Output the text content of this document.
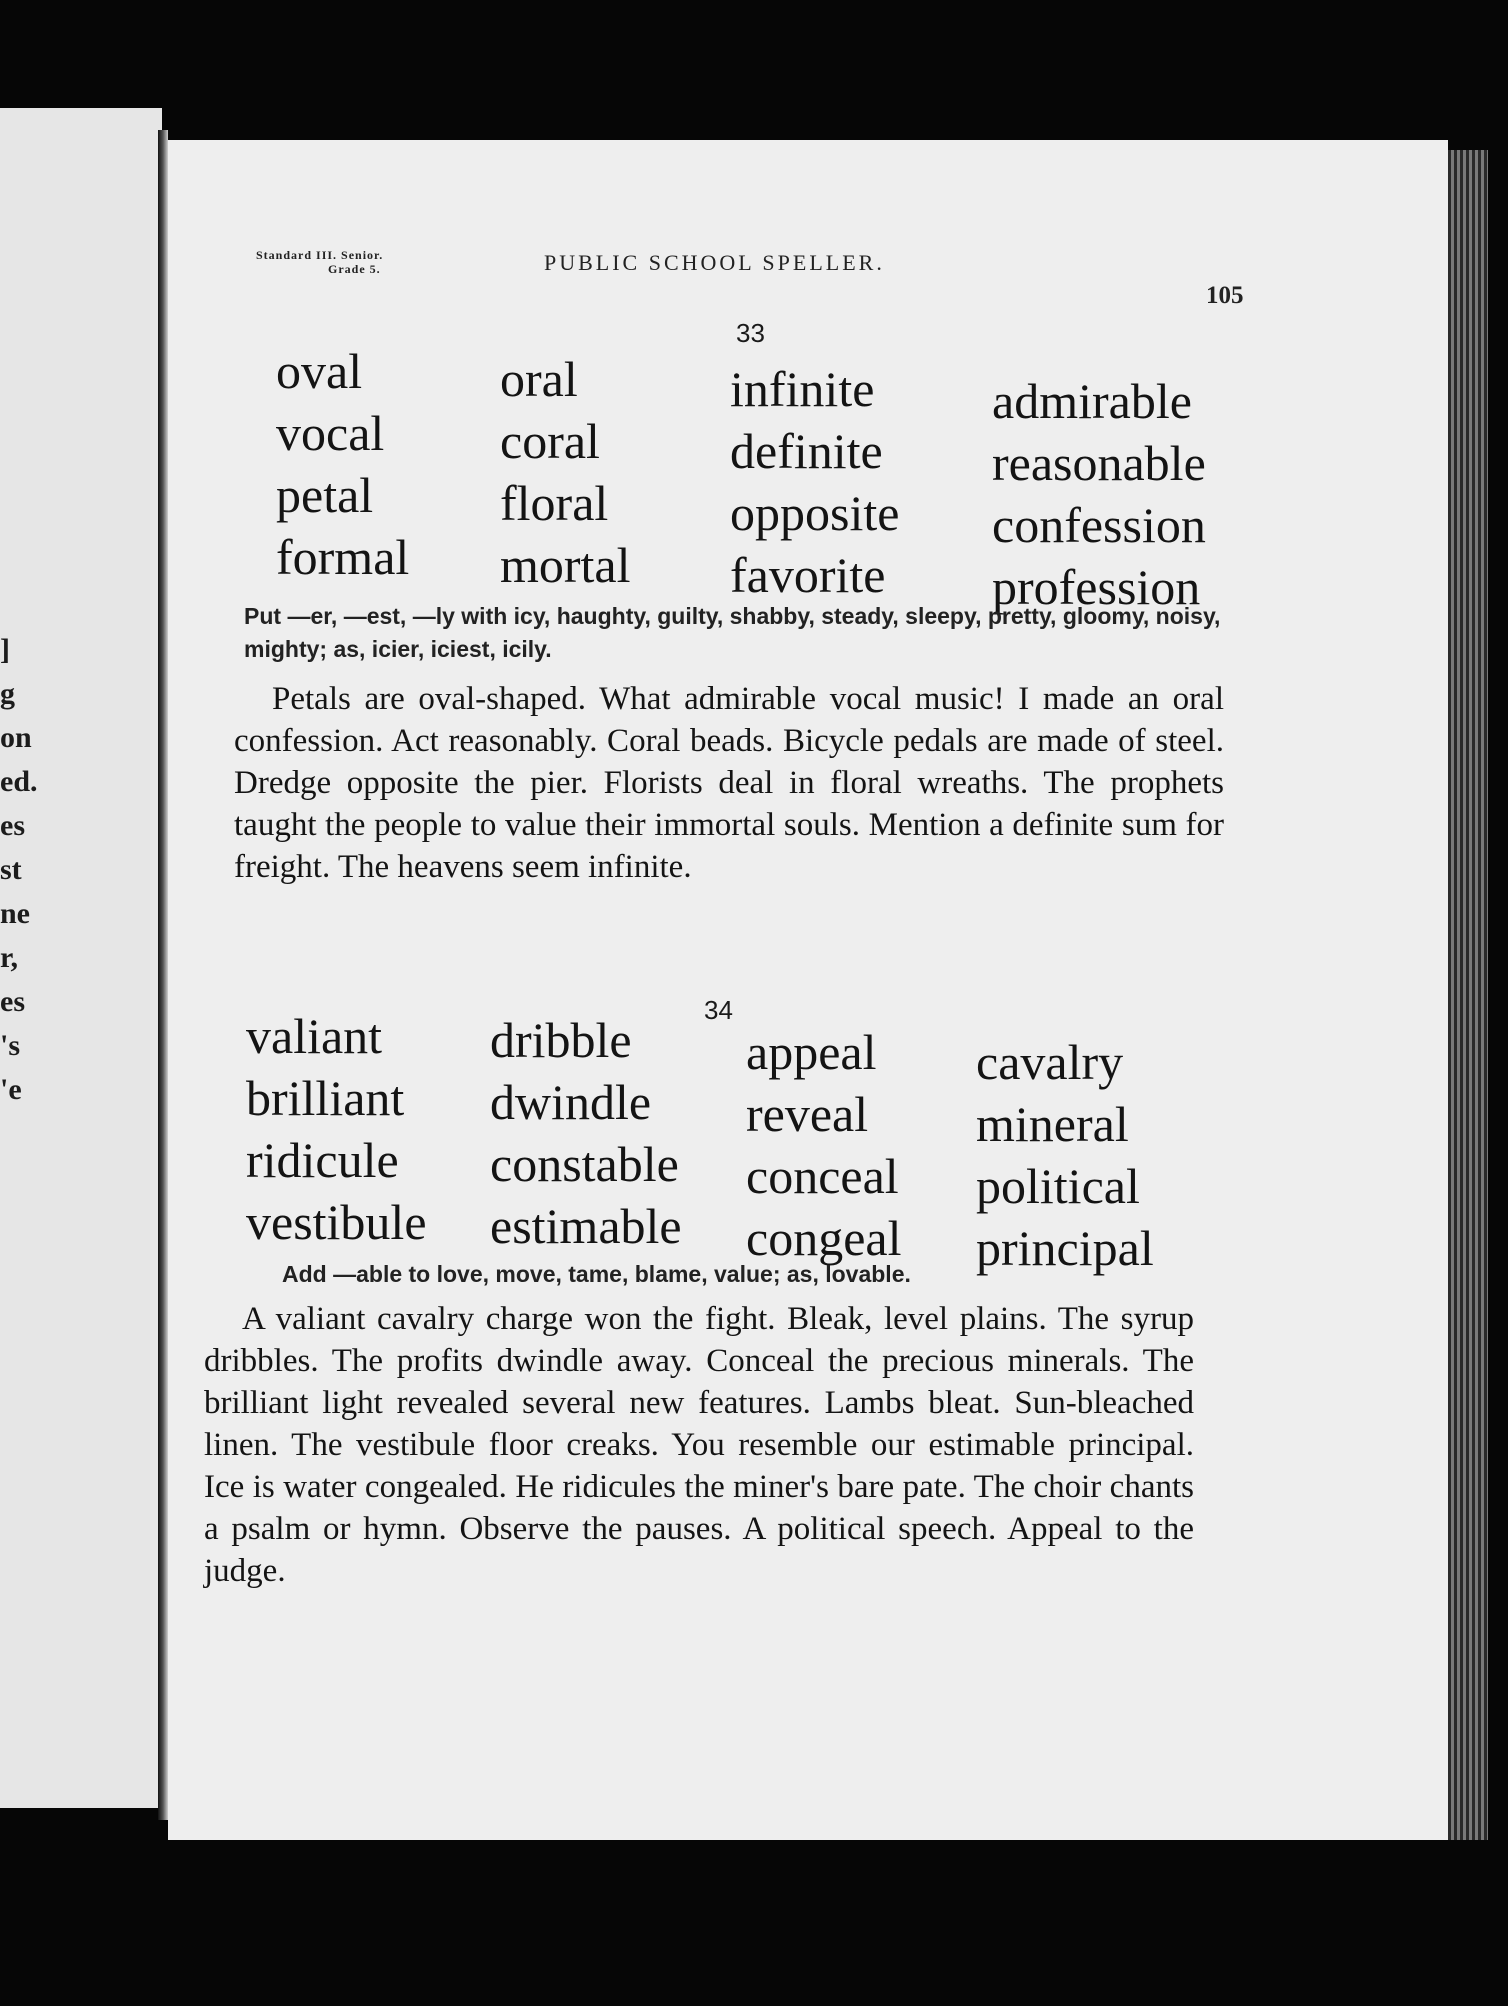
]
g
on
ed.
es
st
ne
r,
es
's
'e
Standard III. Senior.
Grade 5.	PUBLIC SCHOOL SPELLER.
105
33
oval
vocal
petal
formal
oral
coral
floral
mortal
infinite
definite
opposite
favorite
admirable
reasonable
confession
profession
Put —er, —est, —ly with icy, haughty, guilty, shabby, steady, sleepy, pretty, gloomy, noisy, mighty; as, icier, iciest, icily.

Petals are oval-shaped. What admirable vocal music! I made an oral confession. Act reasonably. Coral beads. Bicycle pedals are made of steel. Dredge opposite the pier. Florists deal in floral wreaths. The prophets taught the people to value their immortal souls. Mention a definite sum for freight. The heavens seem infinite.

34
valiant
brilliant
ridicule
vestibule
dribble
dwindle
constable
estimable
appeal
reveal
conceal
congeal
cavalry
mineral
political
principal
Add —able to love, move, tame, blame, value; as, lovable.

A valiant cavalry charge won the fight. Bleak, level plains. The syrup dribbles. The profits dwindle away. Conceal the precious minerals. The brilliant light revealed several new features. Lambs bleat. Sun-bleached linen. The vestibule floor creaks. You resemble our estimable principal. Ice is water congealed. He ridicules the miner's bare pate. The choir chants a psalm or hymn. Observe the pauses. A political speech. Appeal to the judge.
